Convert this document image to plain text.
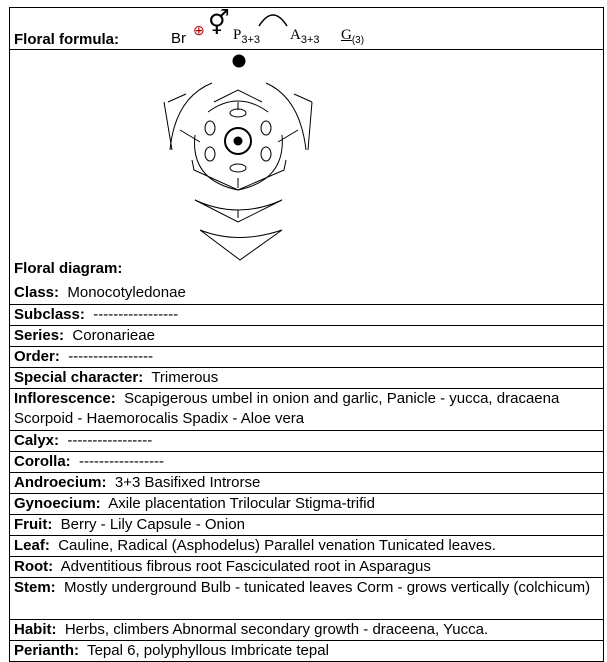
Floral formula:	Br ⊕ ⚥ $P_{3+3}$ $A_{3+3}$ $G_{(3)}$
Floral diagram:
Class: Monocotyledonae
Subclass: -----------------
Series: Coronarieae
Order: -----------------
Special character: Trimerous
Inflorescence: Scapigerous umbel in onion and garlic, Panicle - yucca, dracaena Scorpoid - Haemorocalis Spadix - Aloe vera
Calyx: -----------------
Corolla: -----------------
Androecium: 3+3 Basifixed Introrse
Gynoecium: Axile placentation Trilocular Stigma-trifid
Fruit: Berry - Lily Capsule - Onion
Leaf: Cauline, Radical (Asphodelus) Parallel venation Tunicated leaves.
Root: Adventitious fibrous root Fasciculated root in Asparagus
Stem: Mostly underground Bulb - tunicated leaves Corm - grows vertically (colchicum)
Habit: Herbs, climbers Abnormal secondary growth - draceena, Yucca.
Perianth: Tepal 6, polyphyllous Imbricate tepal
